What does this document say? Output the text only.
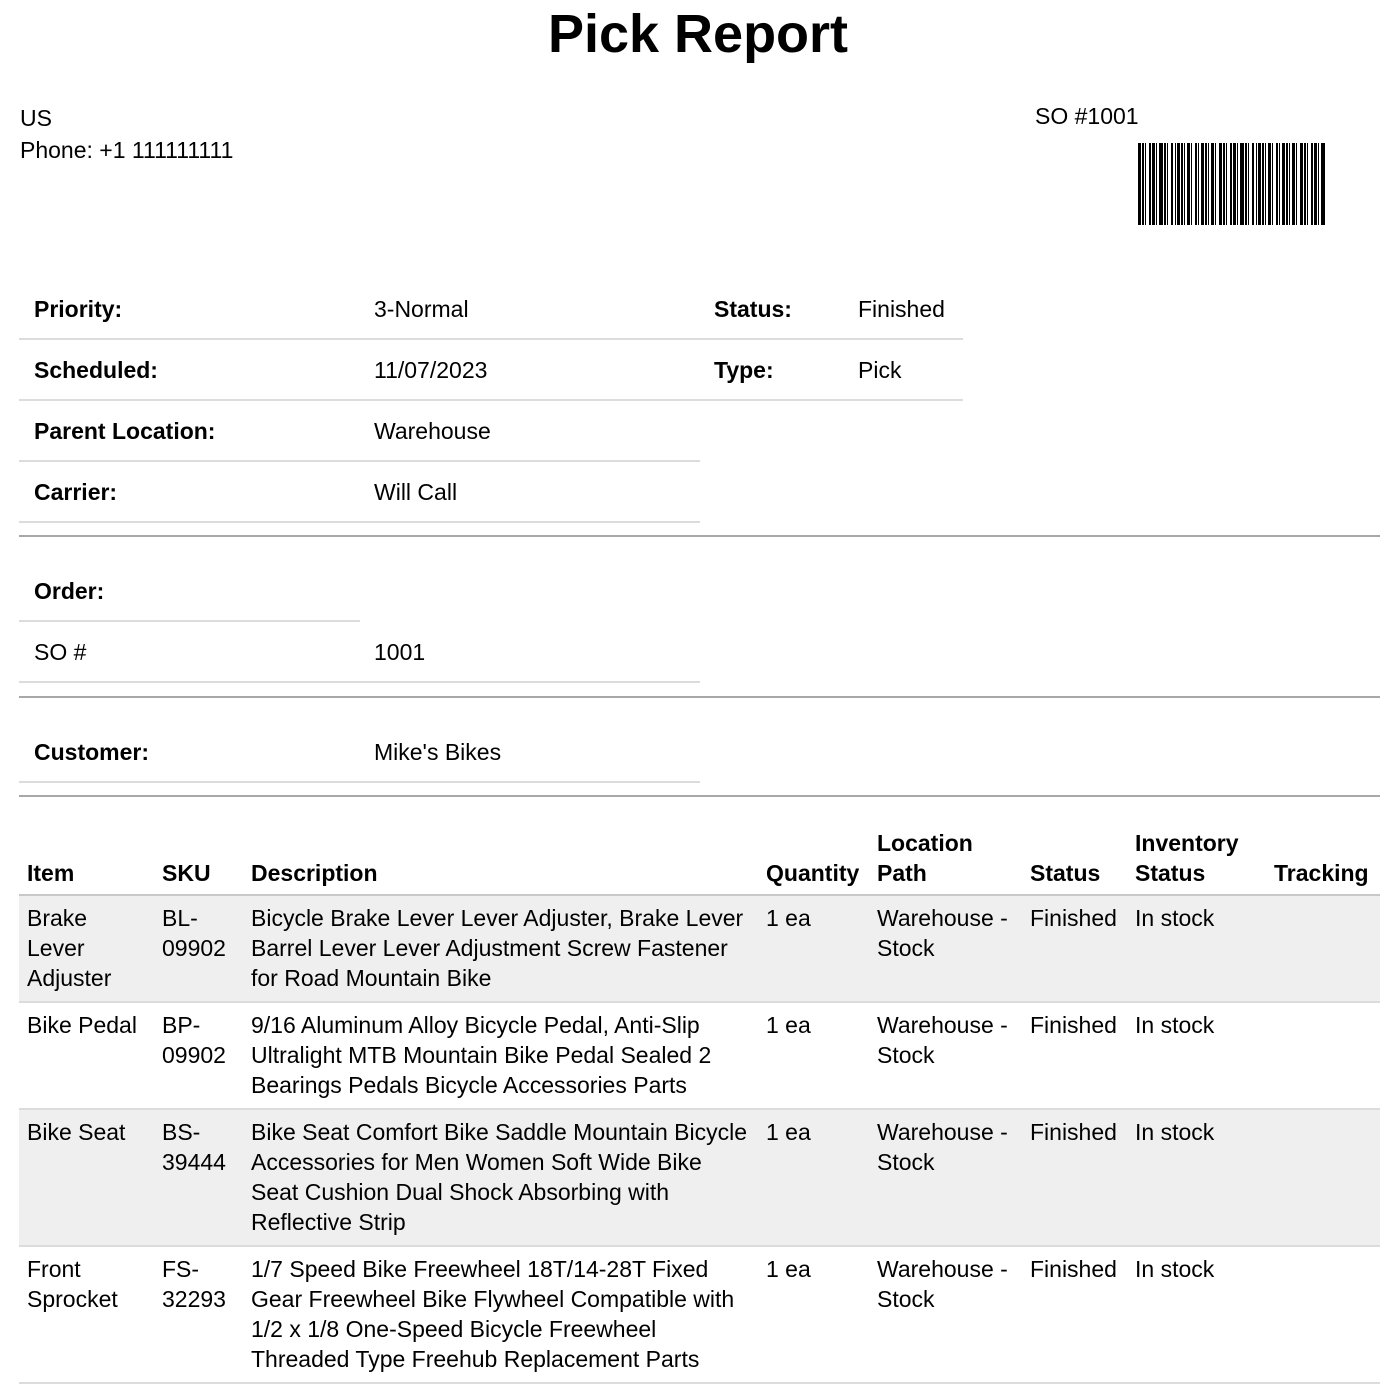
Pick Report
US
Phone: +1 111111111
SO #1001
Priority:	3-Normal	Status:	Finished
Scheduled:	11/07/2023	Type:	Pick
Parent Location:	Warehouse
Carrier:	Will Call
Order:
SO #	1001
Customer:	Mike's Bikes
Item	SKU	Description	Quantity	Location Path	Status	Inventory Status	Tracking
Brake Lever Adjuster	BL-09902	Bicycle Brake Lever Lever Adjuster, Brake Lever Barrel Lever Lever Adjustment Screw Fastener for Road Mountain Bike	1 ea	Warehouse - Stock	Finished	In stock	
Bike Pedal	BP-09902	9/16 Aluminum Alloy Bicycle Pedal, Anti-Slip Ultralight MTB Mountain Bike Pedal Sealed 2 Bearings Pedals Bicycle Accessories Parts	1 ea	Warehouse - Stock	Finished	In stock	
Bike Seat	BS-39444	Bike Seat Comfort Bike Saddle Mountain Bicycle Accessories for Men Women Soft Wide Bike Seat Cushion Dual Shock Absorbing with Reflective Strip	1 ea	Warehouse - Stock	Finished	In stock	
Front Sprocket	FS-32293	1/7 Speed Bike Freewheel 18T/14-28T Fixed Gear Freewheel Bike Flywheel Compatible with 1/2 x 1/8 One-Speed Bicycle Freewheel Threaded Type Freehub Replacement Parts	1 ea	Warehouse - Stock	Finished	In stock	
